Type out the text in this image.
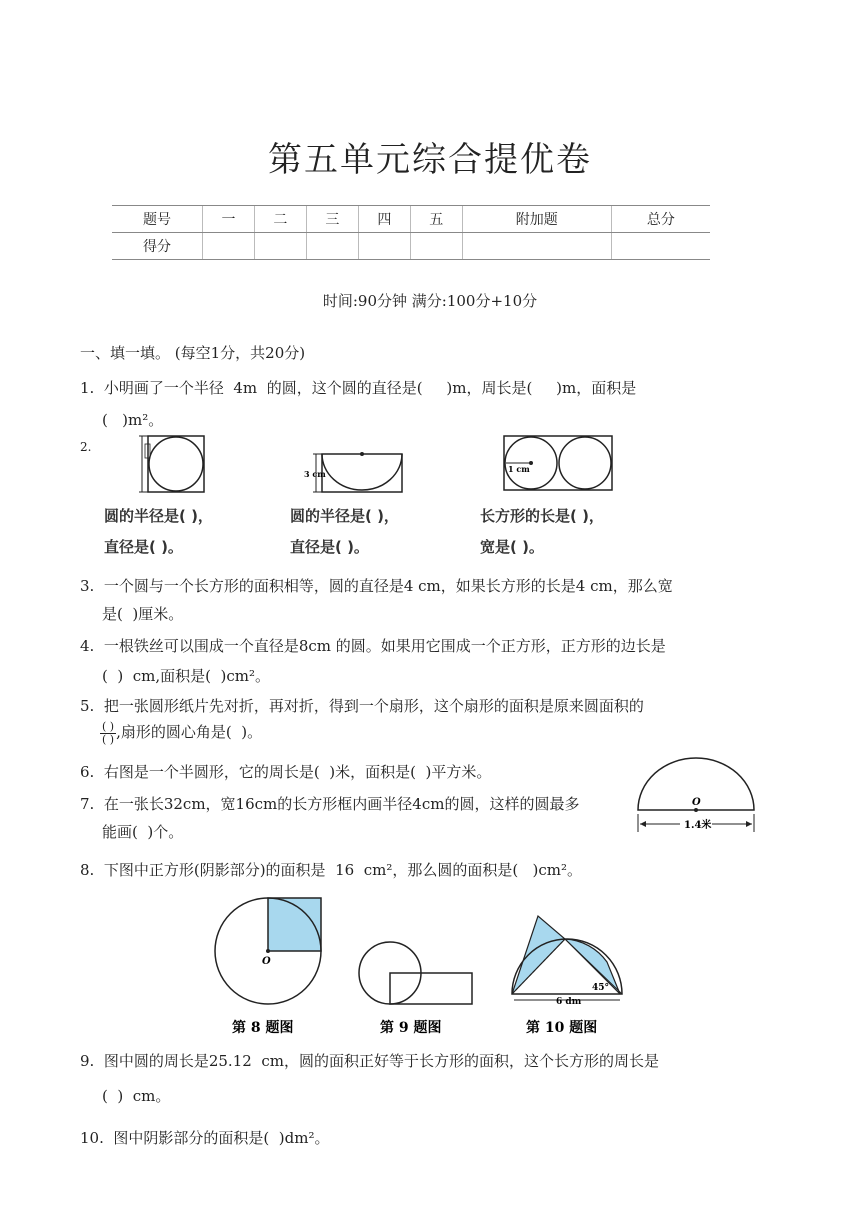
第五单元综合提优卷
题号	一	二	三	四	五	附加题	总分
得分							
时间:90分钟 满分:100分+10分
一、填一填。 (每空1分，共20分)
1.  小明画了一个半径  4m  的圆，这个圆的直径是(     )m，周长是(     )m，面积是
(   )m²。
2.
3 cm	1 cm
圆的半径是( )，
直径是( )。
圆的半径是( )，
直径是( )。
长方形的长是( )，
宽是( )。
3.  一个圆与一个长方形的面积相等，圆的直径是4 cm，如果长方形的长是4 cm，那么宽
是(  )厘米。
4.  一根铁丝可以围成一个直径是8cm 的圆。如果用它围成一个正方形，正方形的边长是
(  )  cm,面积是(  )cm²。
5.  把一张圆形纸片先对折，再对折，得到一个扇形，这个扇形的面积是原来圆面积的
$\frac{( )}{( )}$ ,扇形的圆心角是(  )。
6.  右图是一个半圆形，它的周长是(  )米，面积是(  )平方米。
7.  在一张长32cm，宽16cm的长方形框内画半径4cm的圆，这样的圆最多
能画(  )个。
O
1.4米
8.  下图中正方形(阴影部分)的面积是  16  cm²，那么圆的面积是(   )cm²。
O
第 8 题图	第 9 题图
6 dm
45°
第 10 题图
9.  图中圆的周长是25.12  cm，圆的面积正好等于长方形的面积，这个长方形的周长是
(  )  cm。
10.  图中阴影部分的面积是(  )dm²。
